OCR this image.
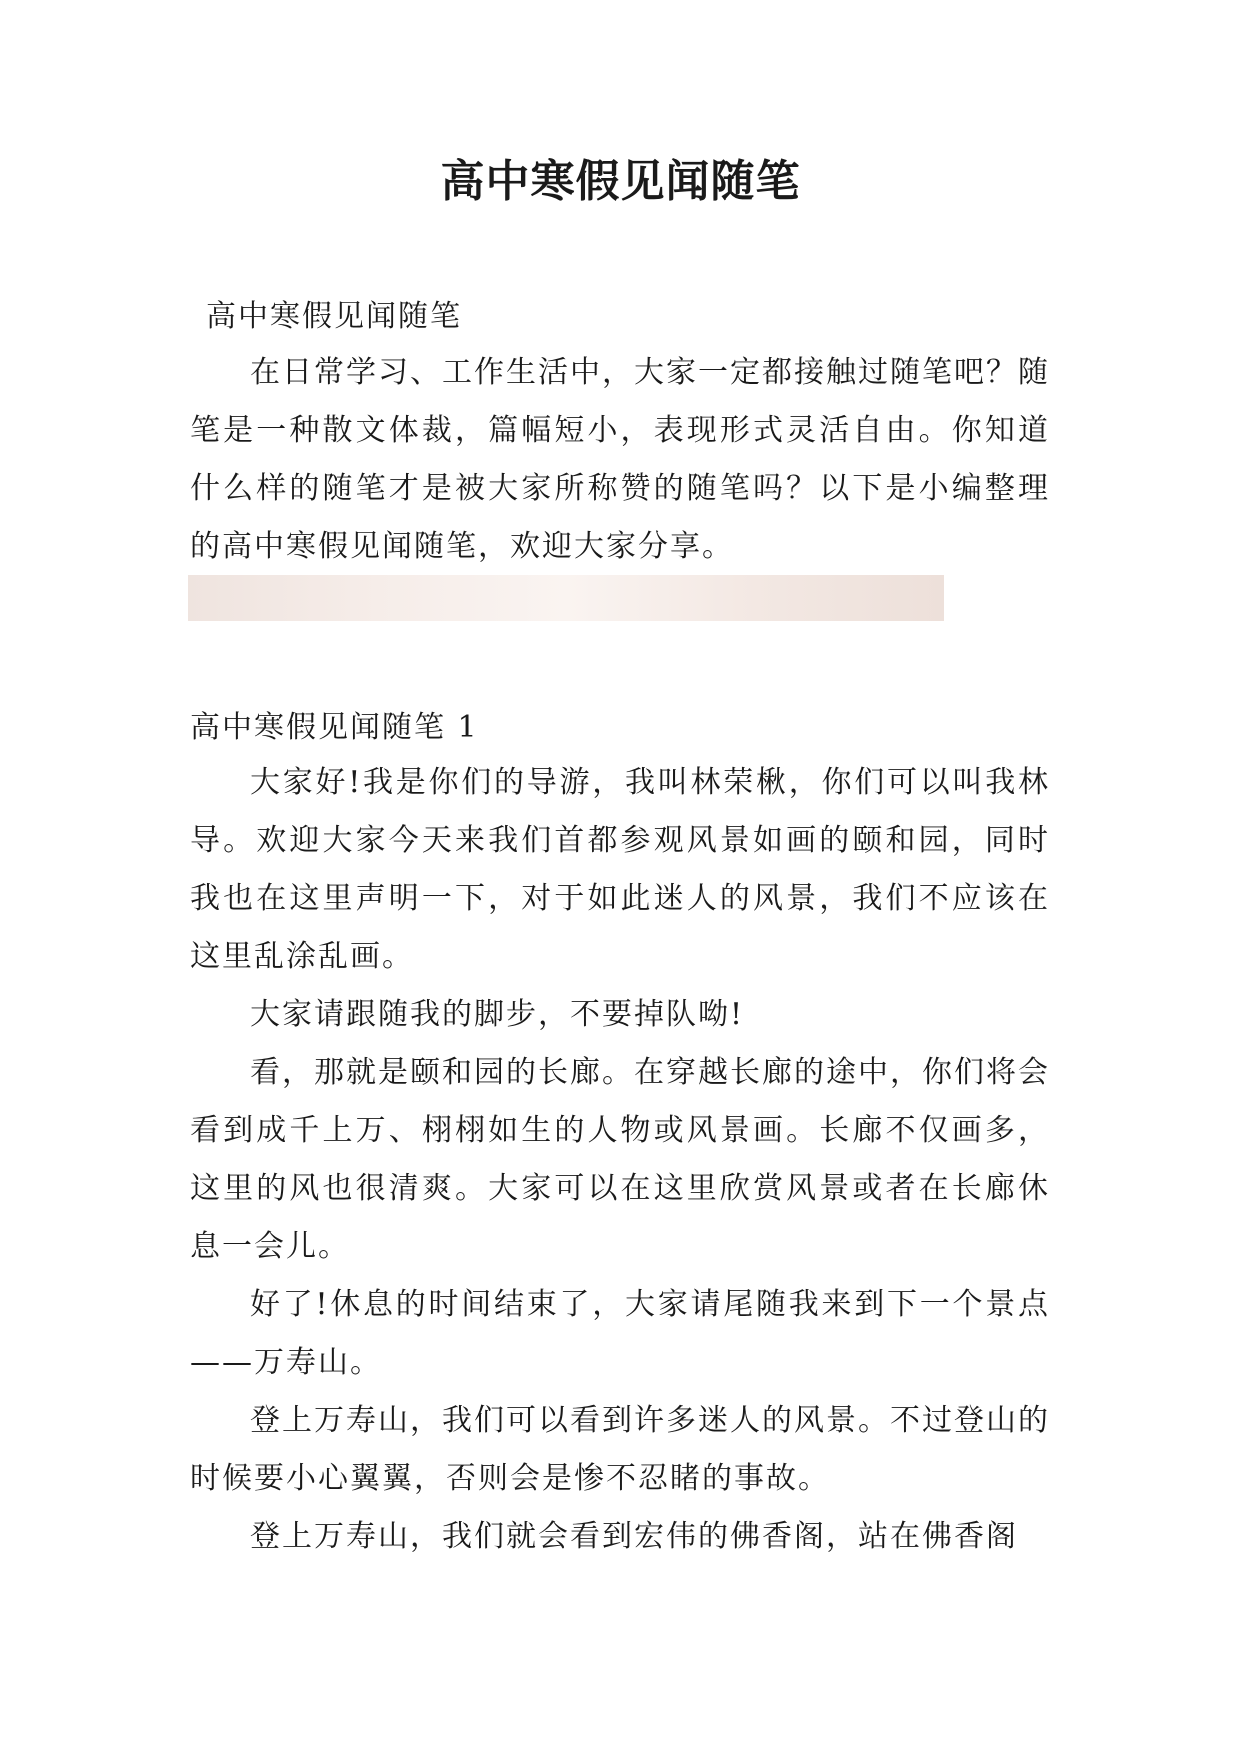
高中寒假见闻随笔

高中寒假见闻随笔

在日常学习、工作生活中，大家一定都接触过随笔吧？随笔是一种散文体裁，篇幅短小，表现形式灵活自由。你知道什么样的随笔才是被大家所称赞的随笔吗？以下是小编整理的高中寒假见闻随笔，欢迎大家分享。

高中寒假见闻随笔 1

大家好!我是你们的导游，我叫林荣楸，你们可以叫我林导。欢迎大家今天来我们首都参观风景如画的颐和园，同时我也在这里声明一下，对于如此迷人的风景，我们不应该在这里乱涂乱画。

大家请跟随我的脚步，不要掉队呦!

看，那就是颐和园的长廊。在穿越长廊的途中，你们将会看到成千上万、栩栩如生的人物或风景画。长廊不仅画多，这里的风也很清爽。大家可以在这里欣赏风景或者在长廊休息一会儿。

好了!休息的时间结束了，大家请尾随我来到下一个景点——万寿山。

登上万寿山，我们可以看到许多迷人的风景。不过登山的时候要小心翼翼，否则会是惨不忍睹的事故。

登上万寿山，我们就会看到宏伟的佛香阁，站在佛香阁
